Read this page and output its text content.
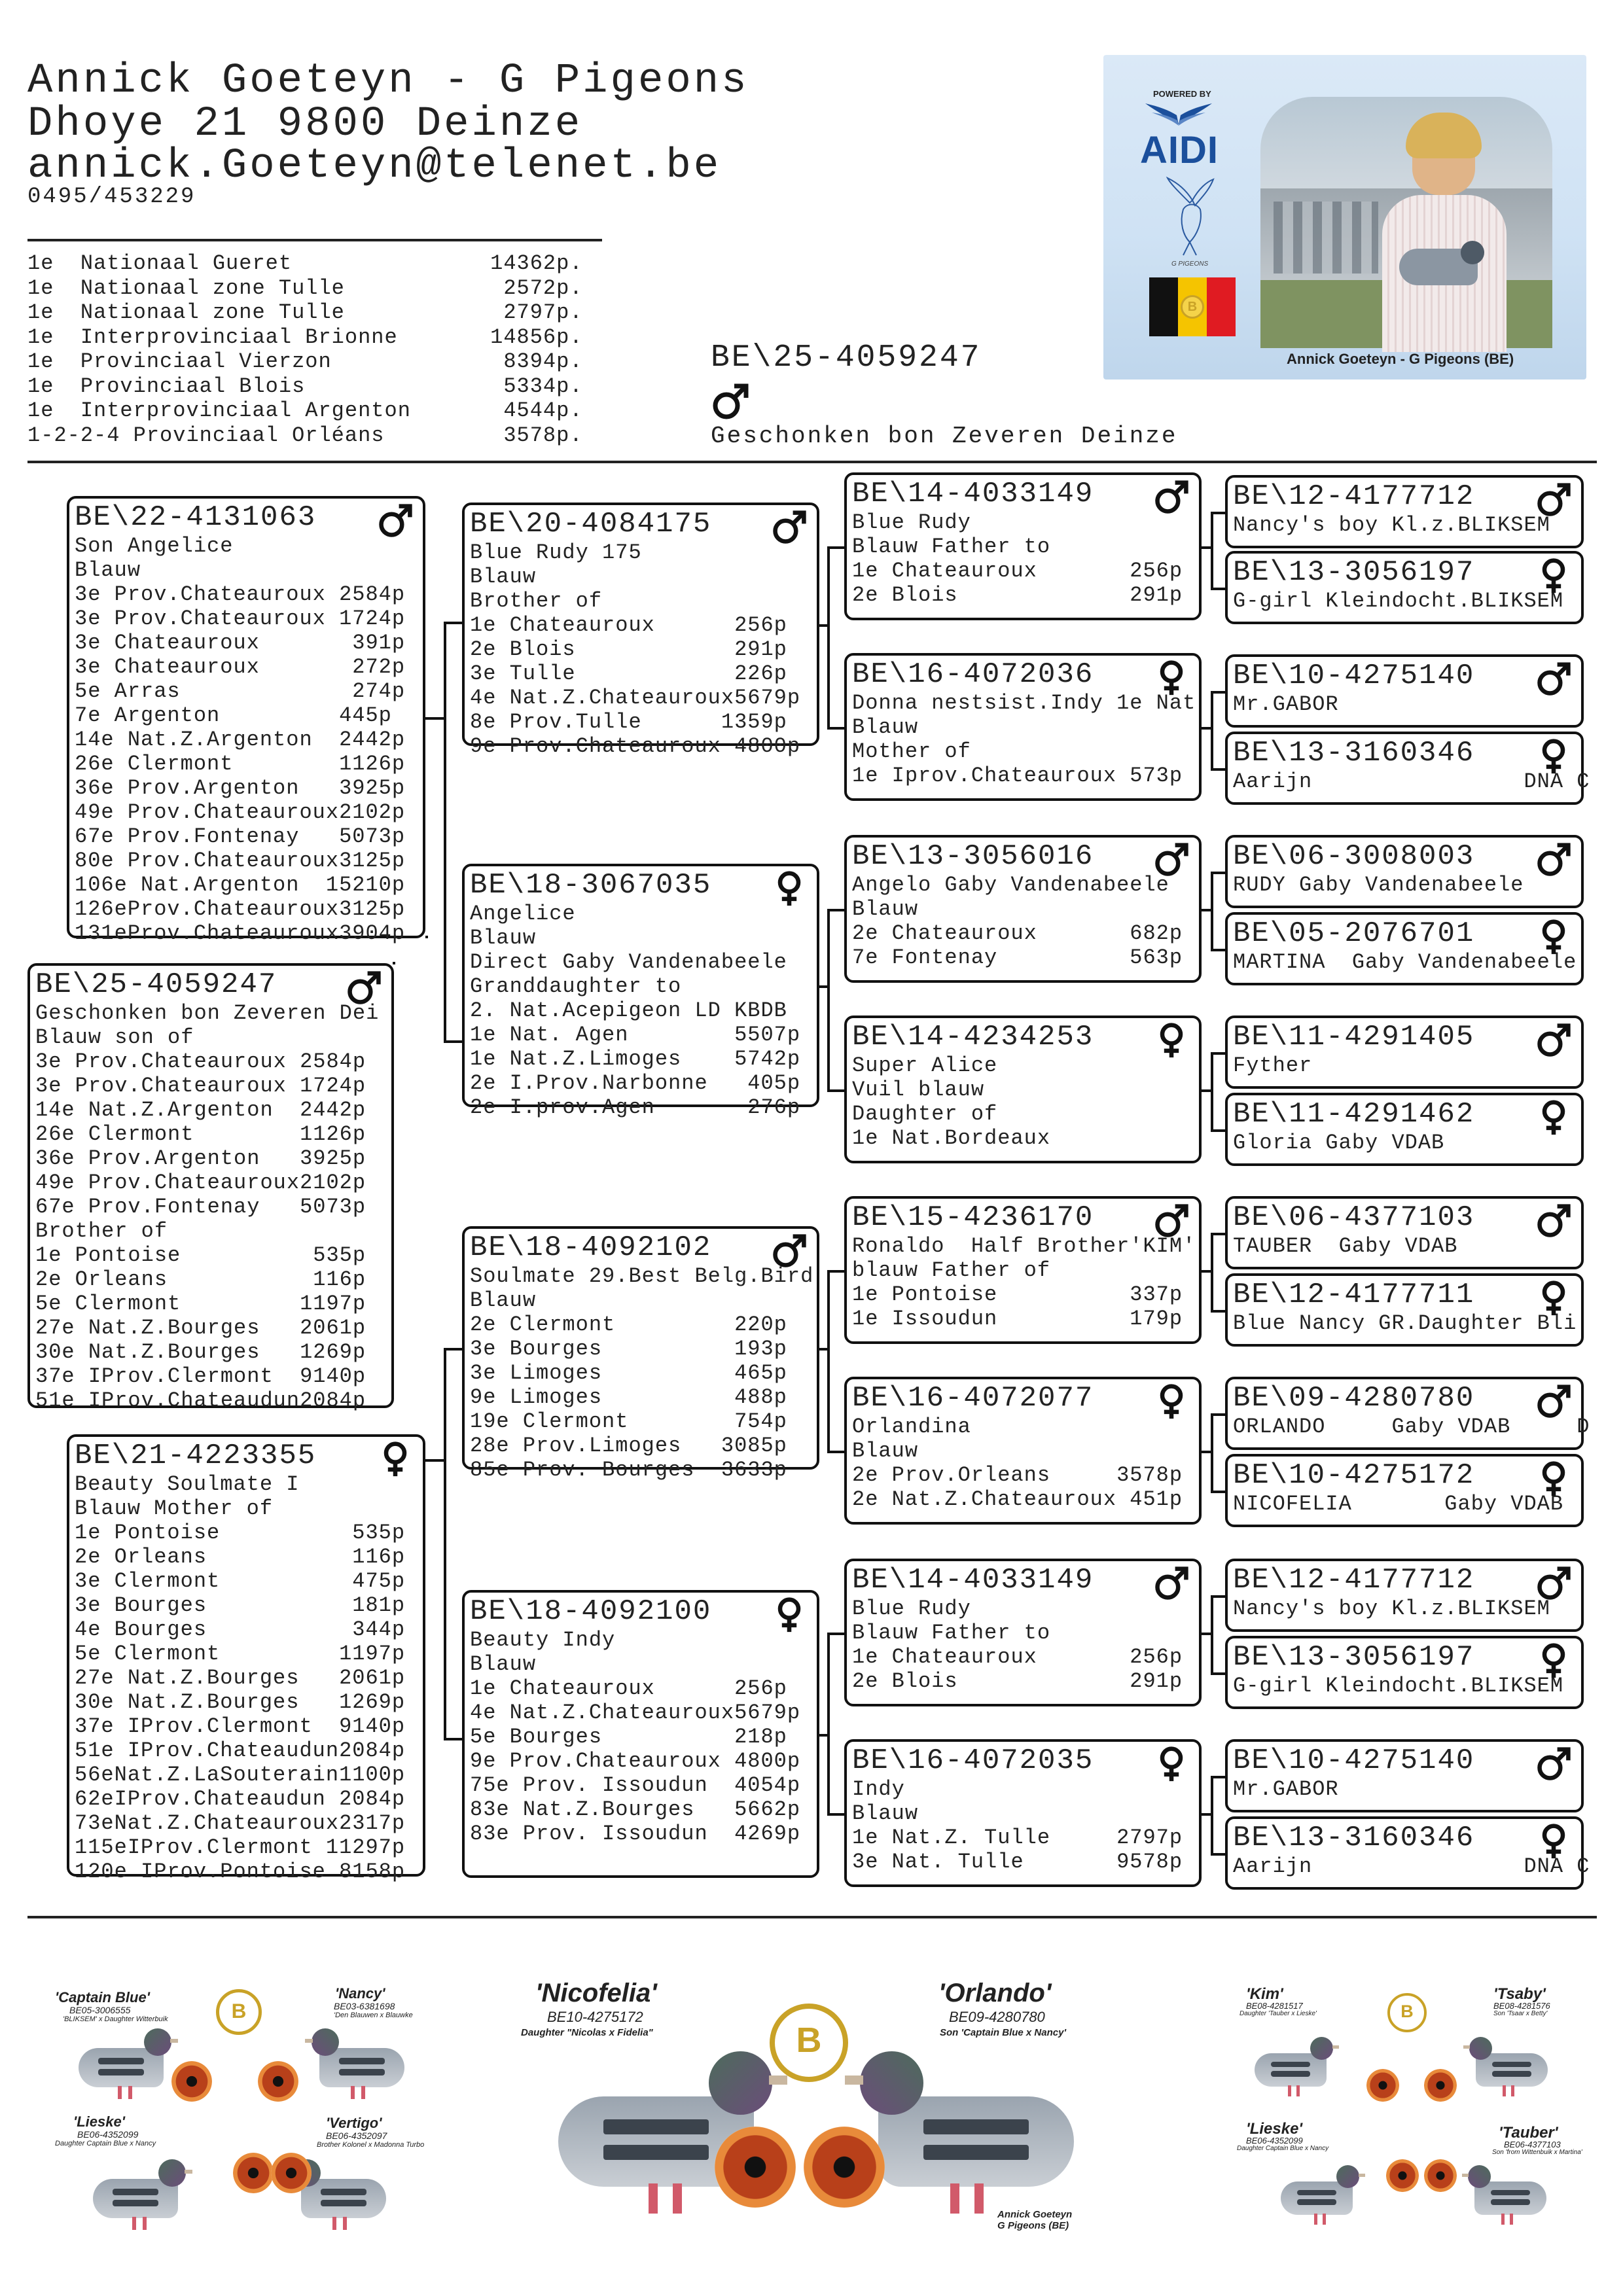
Annick Goeteyn - G Pigeons
Dhoye 21 9800 Deinze
annick.Goeteyn@telenet.be
0495/453229
1e  Nationaal Gueret               14362p.
1e  Nationaal zone Tulle            2572p.
1e  Nationaal zone Tulle            2797p.
1e  Interprovinciaal Brionne       14856p.
1e  Provinciaal Vierzon             8394p.
1e  Provinciaal Blois               5334p.
1e  Interprovinciaal Argenton       4544p.
1-2-2-4 Provinciaal Orléans         3578p.
BE\25-4059247
Geschonken bon Zeveren Deinze
POWERED BY
AIDI
G PIGEONS
B
Annick Goeteyn - G Pigeons (BE)
BE\22-4131063
Son Angelice
Blauw
3e Prov.Chateauroux 2584p
3e Prov.Chateauroux 1724p
3e Chateauroux       391p
3e Chateauroux       272p
5e Arras             274p
7e Argenton         445p
14e Nat.Z.Argenton  2442p
26e Clermont        1126p
36e Prov.Argenton   3925p
49e Prov.Chateauroux2102p
67e Prov.Fontenay   5073p
80e Prov.Chateauroux3125p
106e Nat.Argenton  15210p
126eProv.Chateauroux3125p
131eProv.Chateauroux3904p
BE\25-4059247
Geschonken bon Zeveren Dei
Blauw son of
3e Prov.Chateauroux 2584p
3e Prov.Chateauroux 1724p
14e Nat.Z.Argenton  2442p
26e Clermont        1126p
36e Prov.Argenton   3925p
49e Prov.Chateauroux2102p
67e Prov.Fontenay   5073p
Brother of
1e Pontoise          535p
2e Orleans           116p
5e Clermont         1197p
27e Nat.Z.Bourges   2061p
30e Nat.Z.Bourges   1269p
37e IProv.Clermont  9140p
51e IProv.Chateaudun2084p
BE\21-4223355
Beauty Soulmate I
Blauw Mother of
1e Pontoise          535p
2e Orleans           116p
3e Clermont          475p
3e Bourges           181p
4e Bourges           344p
5e Clermont         1197p
27e Nat.Z.Bourges   2061p
30e Nat.Z.Bourges   1269p
37e IProv.Clermont  9140p
51e IProv.Chateaudun2084p
56eNat.Z.LaSouterain1100p
62eIProv.Chateaudun 2084p
73eNat.Z.Chateauroux2317p
115eIProv.Clermont 11297p
120e IProv.Pontoise 8158p
BE\20-4084175
Blue Rudy 175
Blauw
Brother of
1e Chateauroux      256p
2e Blois            291p
3e Tulle            226p
4e Nat.Z.Chateauroux5679p
8e Prov.Tulle      1359p
9e Prov.Chateauroux 4800p
BE\18-3067035
Angelice
Blauw
Direct Gaby Vandenabeele
Granddaughter to
2. Nat.Acepigeon LD KBDB
1e Nat. Agen        5507p
1e Nat.Z.Limoges    5742p
2e I.Prov.Narbonne   405p
2e I.prov.Agen       276p
BE\18-4092102
Soulmate 29.Best Belg.Bird
Blauw
2e Clermont         220p
3e Bourges          193p
3e Limoges          465p
9e Limoges          488p
19e Clermont        754p
28e Prov.Limoges   3085p
85e Prov. Bourges  3633p
BE\18-4092100
Beauty Indy
Blauw
1e Chateauroux      256p
4e Nat.Z.Chateauroux5679p
5e Bourges          218p
9e Prov.Chateauroux 4800p
75e Prov. Issoudun  4054p
83e Nat.Z.Bourges   5662p
83e Prov. Issoudun  4269p
BE\14-4033149
Blue Rudy
Blauw Father to
1e Chateauroux       256p
2e Blois             291p
BE\16-4072036
Donna nestsist.Indy 1e Nat
Blauw
Mother of
1e Iprov.Chateauroux 573p
BE\13-3056016
Angelo Gaby Vandenabeele
Blauw
2e Chateauroux       682p
7e Fontenay          563p
BE\14-4234253
Super Alice
Vuil blauw
Daughter of
1e Nat.Bordeaux
BE\15-4236170
Ronaldo  Half Brother'KIM'
blauw Father of
1e Pontoise          337p
1e Issoudun          179p
BE\16-4072077
Orlandina
Blauw
2e Prov.Orleans     3578p
2e Nat.Z.Chateauroux 451p
BE\14-4033149
Blue Rudy
Blauw Father to
1e Chateauroux       256p
2e Blois             291p
BE\16-4072035
Indy
Blauw
1e Nat.Z. Tulle     2797p
3e Nat. Tulle       9578p
BE\12-4177712
Nancy's boy Kl.z.BLIKSEM
BE\13-3056197
G-girl Kleindocht.BLIKSEM
BE\10-4275140
Mr.GABOR
BE\13-3160346
Aarijn                DNA C
BE\06-3008003
RUDY Gaby Vandenabeele
BE\05-2076701
MARTINA  Gaby Vandenabeele
BE\11-4291405
Fyther
BE\11-4291462
Gloria Gaby VDAB
BE\06-4377103
TAUBER  Gaby VDAB
BE\12-4177711
Blue Nancy GR.Daughter Bli
BE\09-4280780
ORLANDO     Gaby VDAB     D
BE\10-4275172
NICOFELIA       Gaby VDAB
BE\12-4177712
Nancy's boy Kl.z.BLIKSEM
BE\13-3056197
G-girl Kleindocht.BLIKSEM
BE\10-4275140
Mr.GABOR
BE\13-3160346
Aarijn                DNA C
'Captain Blue'
BE05-3006555
'BLIKSEM' x Daughter Witterbuik
'Nancy'
BE03-6381698
'Den Blauwen x Blauwke
'Lieske'
BE06-4352099
Daughter Captain Blue x Nancy
'Vertigo'
BE06-4352097
Brother Kolonel x Madonna Turbo
B
'Nicofelia'
BE10-4275172
Daughter "Nicolas x Fidelia"
'Orlando'
BE09-4280780
Son 'Captain Blue x Nancy'
B
Annick Goeteyn
G Pigeons (BE)
'Kim'
BE08-4281517
Daughter 'Tauber x Lieske'
'Tsaby'
BE08-4281576
Son 'Tsaar x Betty'
'Lieske'
BE06-4352099
Daughter Captain Blue x Nancy
'Tauber'
BE06-4377103
Son 'from Wittenbuik x Martina'
B
